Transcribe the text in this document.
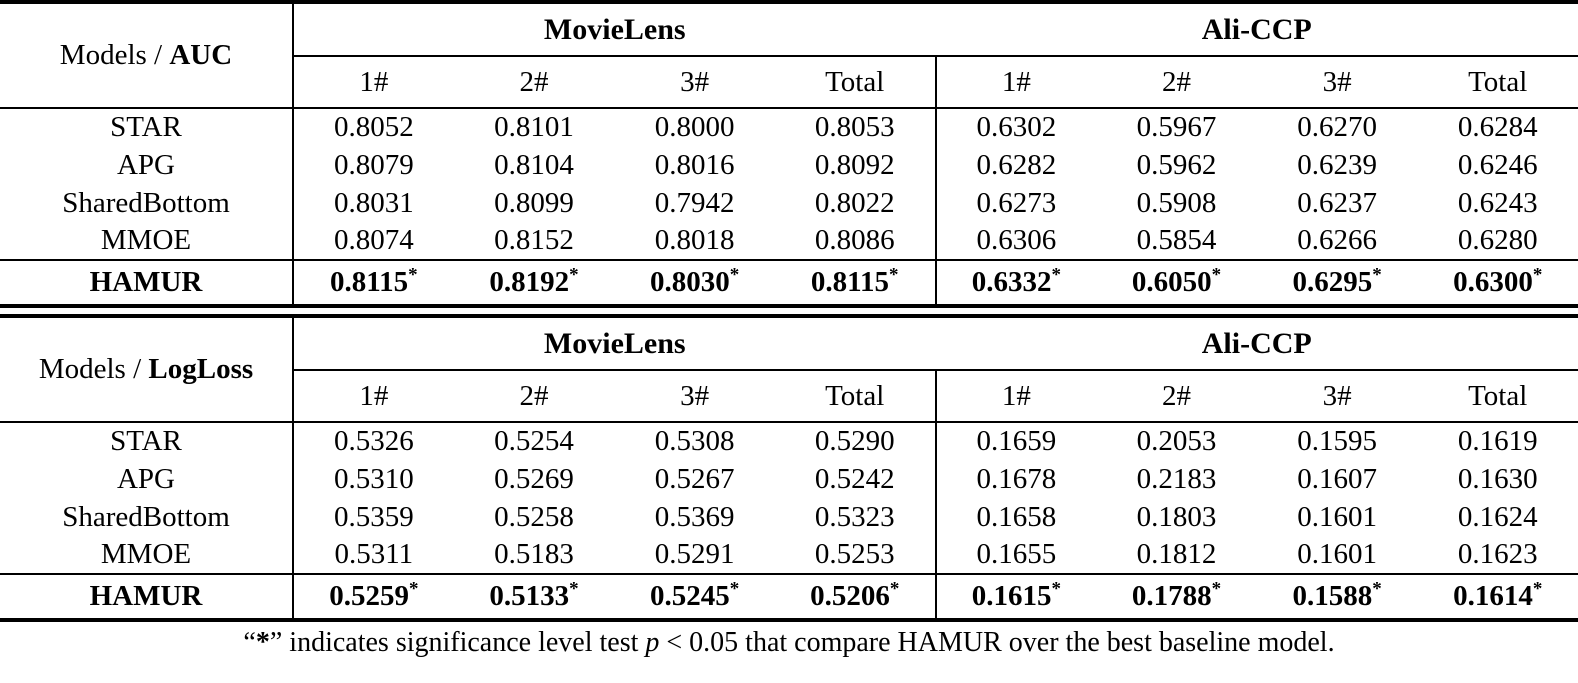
Models / AUC	MovieLens				Ali-CCP			
	1#	2#	3#	Total	1#	2#	3#	Total
STAR	0.8052	0.8101	0.8000	0.8053	0.6302	0.5967	0.6270	0.6284
APG	0.8079	0.8104	0.8016	0.8092	0.6282	0.5962	0.6239	0.6246
SharedBottom	0.8031	0.8099	0.7942	0.8022	0.6273	0.5908	0.6237	0.6243
MMOE	0.8074	0.8152	0.8018	0.8086	0.6306	0.5854	0.6266	0.6280
HAMUR	0.8115*	0.8192*	0.8030*	0.8115*	0.6332*	0.6050*	0.6295*	0.6300*
Models / LogLoss	MovieLens				Ali-CCP			
	1#	2#	3#	Total	1#	2#	3#	Total
STAR	0.5326	0.5254	0.5308	0.5290	0.1659	0.2053	0.1595	0.1619
APG	0.5310	0.5269	0.5267	0.5242	0.1678	0.2183	0.1607	0.1630
SharedBottom	0.5359	0.5258	0.5369	0.5323	0.1658	0.1803	0.1601	0.1624
MMOE	0.5311	0.5183	0.5291	0.5253	0.1655	0.1812	0.1601	0.1623
HAMUR	0.5259*	0.5133*	0.5245*	0.5206*	0.1615*	0.1788*	0.1588*	0.1614*
“ * ” indicates significance level test p < 0.05 that compare HAMUR over the best baseline model.
